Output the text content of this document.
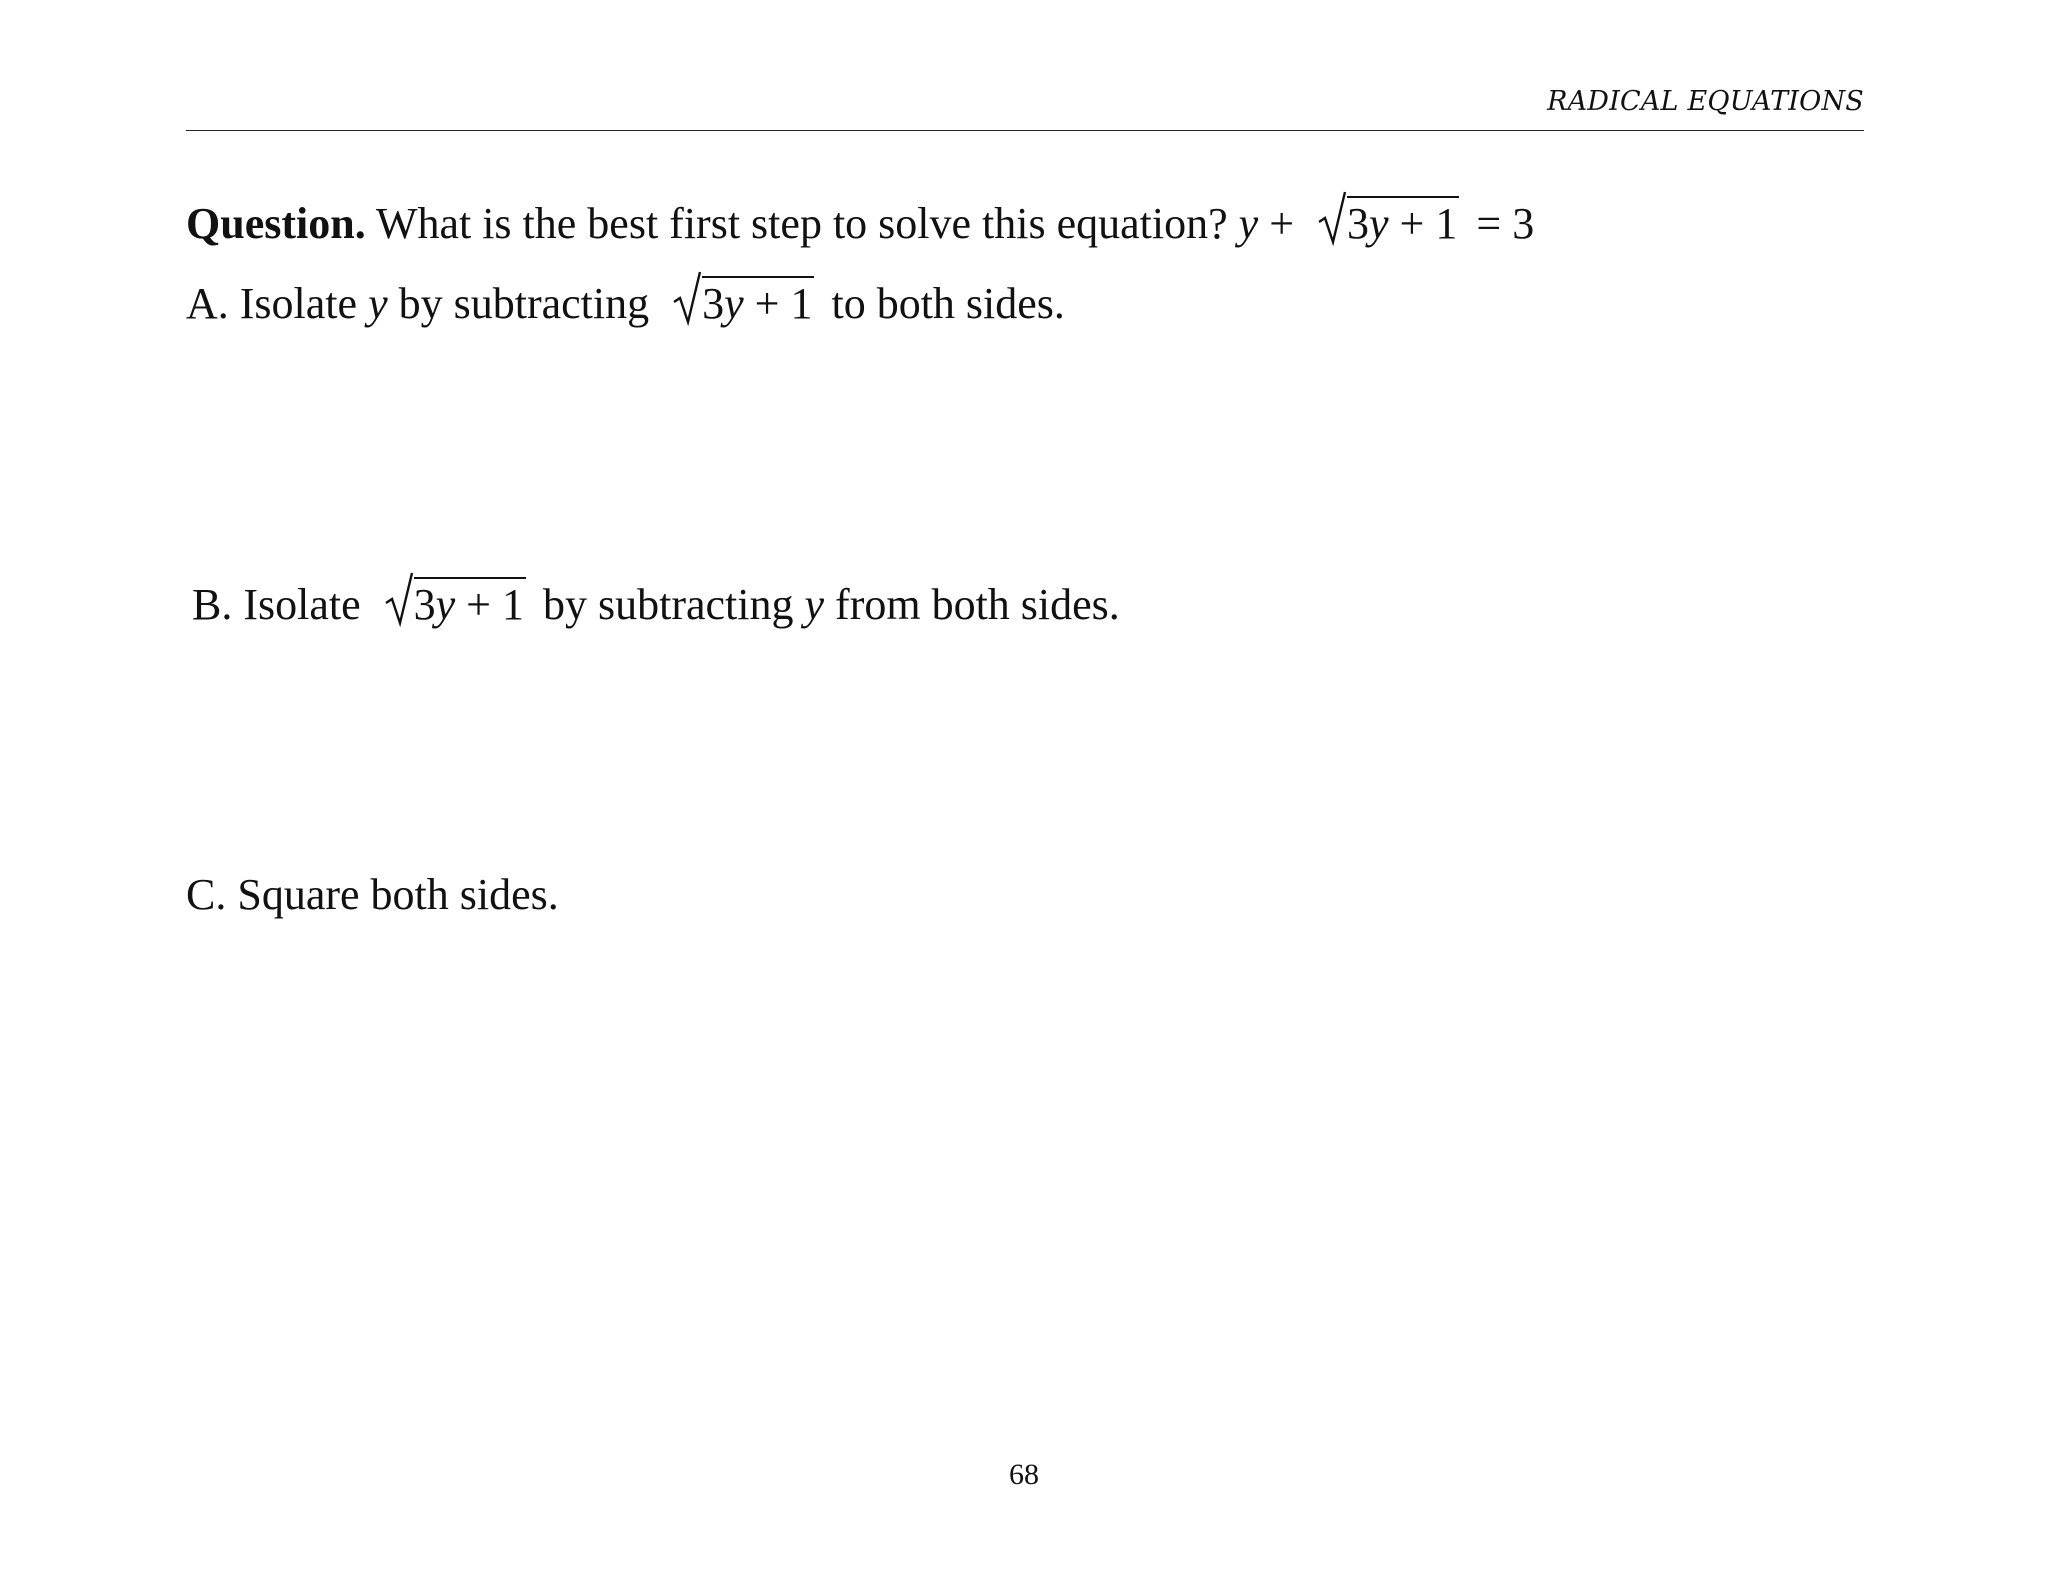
RADICAL EQUATIONS
Question. What is the best first step to solve this equation? y + 3y + 1 = 3
A. Isolate y by subtracting 3y + 1 to both sides.
B. Isolate 3y + 1 by subtracting y from both sides.
C. Square both sides.
68
